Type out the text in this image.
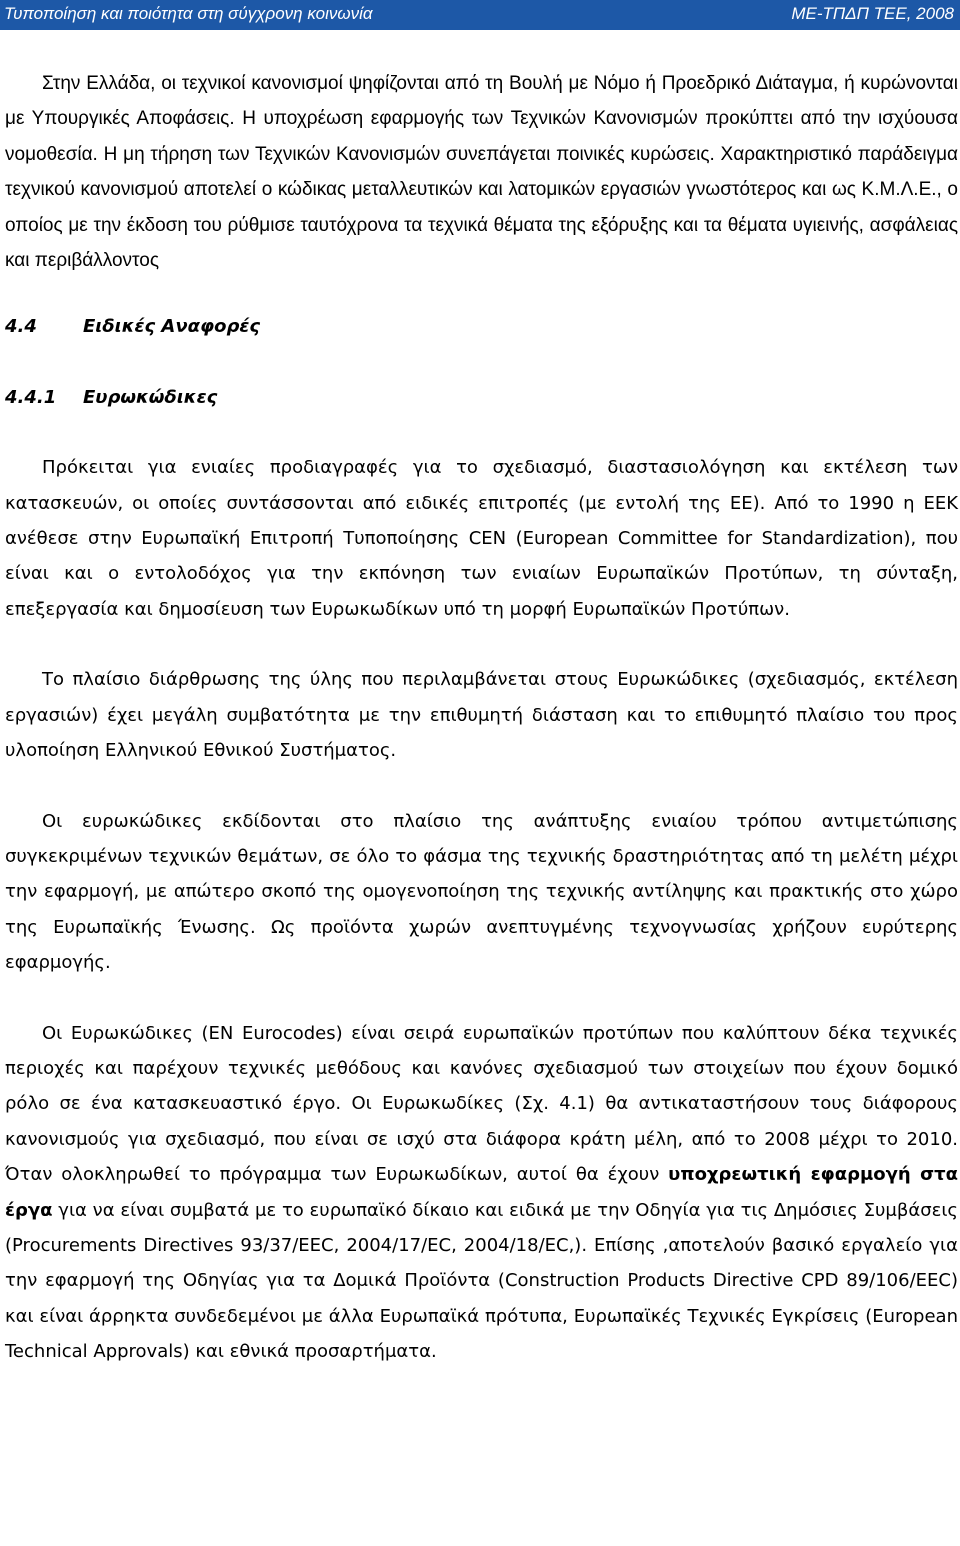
Τυποποίηση και ποιότητα στη σύγχρονη κοινωνία	ΜΕ-ΤΠΔΠ ΤΕΕ, 2008

Στην Ελλάδα, οι τεχνικοί κανονισμοί ψηφίζονται από τη Βουλή με Νόμο ή Προεδρικό Διάταγμα, ή κυρώνονται με Υπουργικές Αποφάσεις. Η υποχρέωση εφαρμογής των Τεχνικών Κανονισμών προκύπτει από την ισχύουσα νομοθεσία. Η μη τήρηση των Τεχνικών Κανονισμών συνεπάγεται ποινικές κυρώσεις. Χαρακτηριστικό παράδειγμα τεχνικού κανονισμού αποτελεί ο κώδικας μεταλλευτικών και λατομικών εργασιών γνωστότερος και ως Κ.Μ.Λ.Ε., ο οποίος με την έκδοση του ρύθμισε ταυτόχρονα τα τεχνικά θέματα της εξόρυξης και τα θέματα υγιεινής, ασφάλειας και περιβάλλοντος

4.4	Ειδικές Αναφορές
4.4.1	Ευρωκώδικες

Πρόκειται για ενιαίες προδιαγραφές για το σχεδιασμό, διαστασιολόγηση και εκτέλεση των κατασκευών, οι οποίες συντάσσονται από ειδικές επιτροπές (με εντολή της ΕΕ). Από το 1990 η ΕΕΚ ανέθεσε στην Ευρωπαϊκή Επιτροπή Τυποποίησης CEN (European Committee for Standardization), που είναι και ο εντολοδόχος για την εκπόνηση των ενιαίων Ευρωπαϊκών Προτύπων, τη σύνταξη, επεξεργασία και δημοσίευση των Ευρωκωδίκων υπό τη μορφή Ευρωπαϊκών Προτύπων.

Το πλαίσιο διάρθρωσης της ύλης που περιλαμβάνεται στους Ευρωκώδικες (σχεδιασμός, εκτέλεση εργασιών) έχει μεγάλη συμβατότητα με την επιθυμητή διάσταση και το επιθυμητό πλαίσιο του προς υλοποίηση Ελληνικού Εθνικού Συστήματος.

Οι ευρωκώδικες εκδίδονται στο πλαίσιο της ανάπτυξης ενιαίου τρόπου αντιμετώπισης συγκεκριμένων τεχνικών θεμάτων, σε όλο το φάσμα της τεχνικής δραστηριότητας από τη μελέτη μέχρι την εφαρμογή, με απώτερο σκοπό της ομογενοποίηση της τεχνικής αντίληψης και πρακτικής στο χώρο της Ευρωπαϊκής Ένωσης. Ως προϊόντα χωρών ανεπτυγμένης τεχνογνωσίας χρήζουν ευρύτερης εφαρμογής.

Οι Ευρωκώδικες (EN Eurocodes) είναι σειρά ευρωπαϊκών προτύπων που καλύπτουν δέκα τεχνικές περιοχές και παρέχουν τεχνικές μεθόδους και κανόνες σχεδιασμού των στοιχείων που έχουν δομικό ρόλο σε ένα κατασκευαστικό έργο. Οι Ευρωκωδίκες (Σχ. 4.1) θα αντικαταστήσουν τους διάφορους κανονισμούς για σχεδιασμό, που είναι σε ισχύ στα διάφορα κράτη μέλη, από το 2008 μέχρι το 2010. Όταν ολοκληρωθεί το πρόγραμμα των Ευρωκωδίκων, αυτοί θα έχουν υποχρεωτική εφαρμογή στα έργα για να είναι συμβατά με το ευρωπαϊκό δίκαιο και ειδικά με την Οδηγία για τις Δημόσιες Συμβάσεις (Procurements Directives 93/37/EEC, 2004/17/EC, 2004/18/EC,). Επίσης ,αποτελούν βασικό εργαλείο για την εφαρμογή της Οδηγίας για τα Δομικά Προϊόντα (Construction Products Directive CPD 89/106/EEC) και είναι άρρηκτα συνδεδεμένοι με άλλα Ευρωπαϊκά πρότυπα, Ευρωπαϊκές Τεχνικές Εγκρίσεις (European Technical Approvals) και εθνικά προσαρτήματα.
